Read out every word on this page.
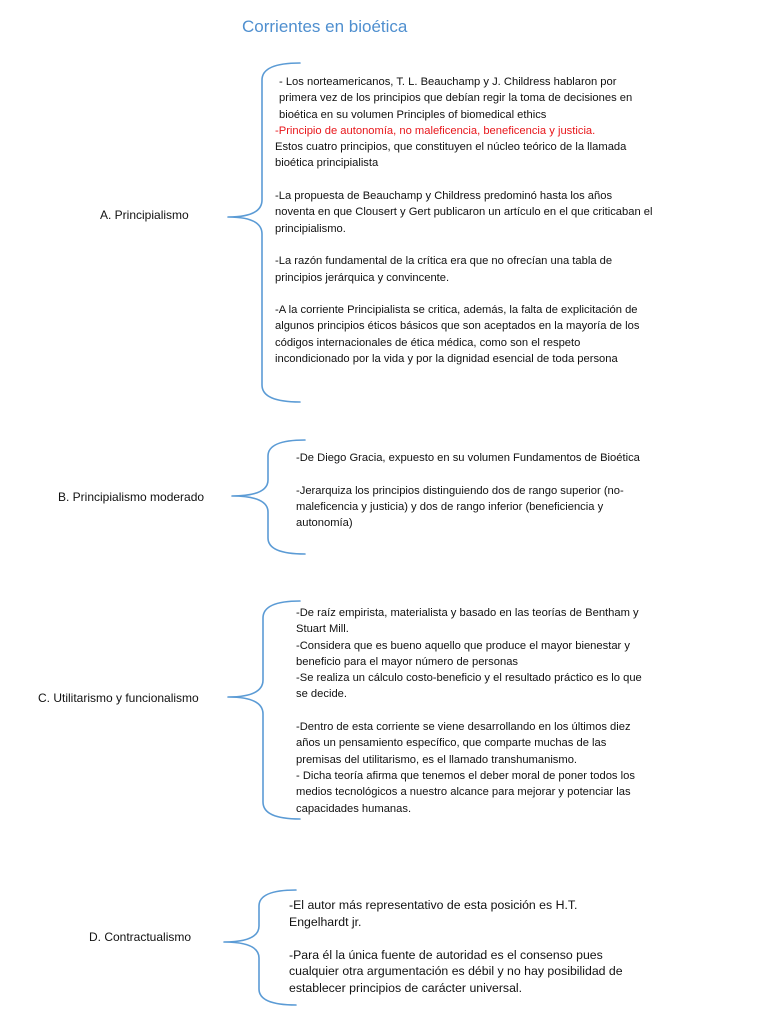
Corrientes en bioética
A. Principialismo

- Los norteamericanos, T. L. Beauchamp y J. Childress hablaron por primera vez de los principios que debían regir la toma de decisiones en bioética en su volumen Principles of biomedical ethics

-Principio de autonomía, no maleficencia, beneficencia y justicia.

Estos cuatro principios, que constituyen el núcleo teórico de la llamada bioética principialista

-La propuesta de Beauchamp y Childress predominó hasta los años noventa en que Clousert y Gert publicaron un artículo en el que criticaban el principialismo.

-La razón fundamental de la crítica era que no ofrecían una tabla de principios jerárquica y convincente.

-A la corriente Principialista se critica, además, la falta de explicitación de algunos principios éticos básicos que son aceptados en la mayoría de los códigos internacionales de ética médica, como son el respeto incondicionado por la vida y por la dignidad esencial de toda persona

B. Principialismo moderado

-De Diego Gracia, expuesto en su volumen Fundamentos de Bioética

-Jerarquiza los principios distinguiendo dos de rango superior (no-maleficencia y justicia) y dos de rango inferior (beneficiencia y autonomía)

C. Utilitarismo y funcionalismo

-De raíz empirista, materialista y basado en las teorías de Bentham y Stuart Mill.

-Considera que es bueno aquello que produce el mayor bienestar y beneficio para el mayor número de personas

-Se realiza un cálculo costo-beneficio y el resultado práctico es lo que se decide.

-Dentro de esta corriente se viene desarrollando en los últimos diez años un pensamiento específico, que comparte muchas de las premisas del utilitarismo, es el llamado transhumanismo.

- Dicha teoría afirma que tenemos el deber moral de poner todos los medios tecnológicos a nuestro alcance para mejorar y potenciar las capacidades humanas.

D. Contractualismo

-El autor más representativo de esta posición es H.T. Engelhardt jr.

-Para él la única fuente de autoridad es el consenso pues cualquier otra argumentación es débil y no hay posibilidad de establecer principios de carácter universal.
